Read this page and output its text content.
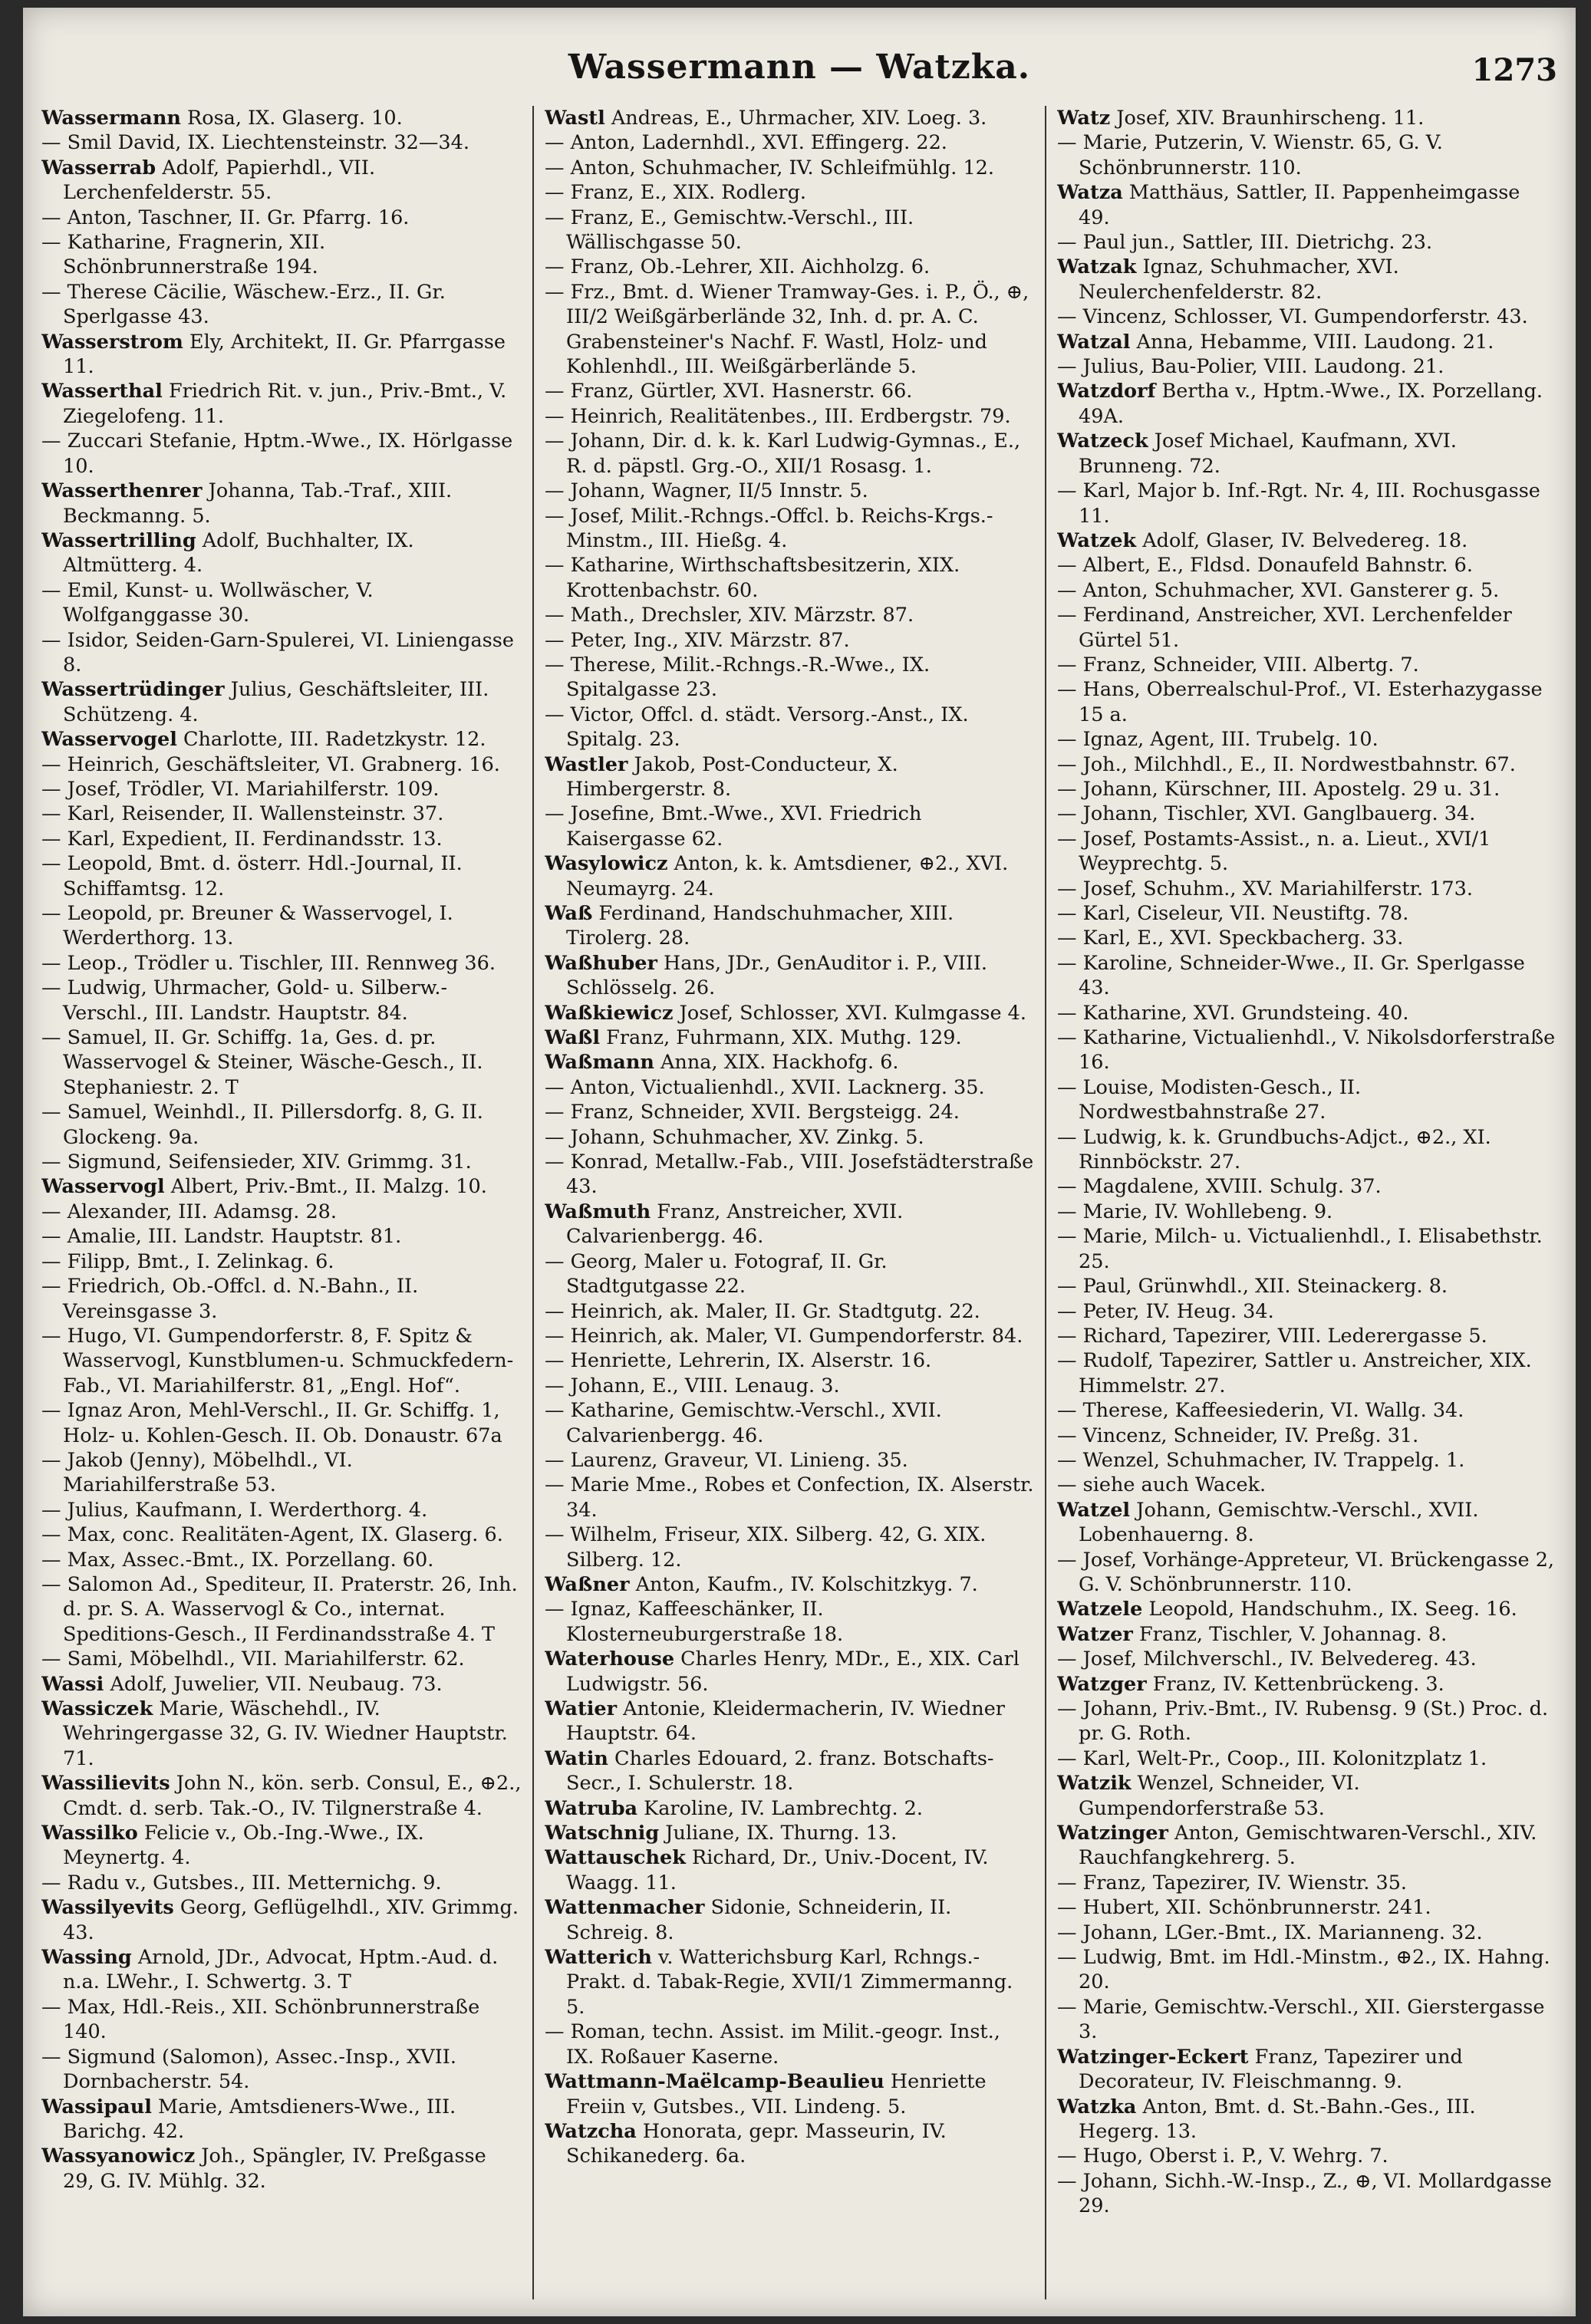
Wassermann — Watzka.	1273

Wassermann Rosa, IX. Glaserg. 10.

— Smil David, IX. Liechtensteinstr. 32—34.

Wasserrab Adolf, Papierhdl., VII. Lerchenfelderstr. 55.

— Anton, Taschner, II. Gr. Pfarrg. 16.

— Katharine, Fragnerin, XII. Schönbrunnerstraße 194.

— Therese Cäcilie, Wäschew.-Erz., II. Gr. Sperlgasse 43.

Wasserstrom Ely, Architekt, II. Gr. Pfarrgasse 11.

Wasserthal Friedrich Rit. v. jun., Priv.-Bmt., V. Ziegelofeng. 11.

— Zuccari Stefanie, Hptm.-Wwe., IX. Hörlgasse 10.

Wasserthenrer Johanna, Tab.-Traf., XIII. Beckmanng. 5.

Wassertrilling Adolf, Buchhalter, IX. Altmütterg. 4.

— Emil, Kunst- u. Wollwäscher, V. Wolfganggasse 30.

— Isidor, Seiden-Garn-Spulerei, VI. Liniengasse 8.

Wassertrüdinger Julius, Geschäftsleiter, III. Schützeng. 4.

Wasservogel Charlotte, III. Radetzkystr. 12.

— Heinrich, Geschäftsleiter, VI. Grabnerg. 16.

— Josef, Trödler, VI. Mariahilferstr. 109.

— Karl, Reisender, II. Wallensteinstr. 37.

— Karl, Expedient, II. Ferdinandsstr. 13.

— Leopold, Bmt. d. österr. Hdl.-Journal, II. Schiffamtsg. 12.

— Leopold, pr. Breuner & Wasservogel, I. Werderthorg. 13.

— Leop., Trödler u. Tischler, III. Rennweg 36.

— Ludwig, Uhrmacher, Gold- u. Silberw.-Verschl., III. Landstr. Hauptstr. 84.

— Samuel, II. Gr. Schiffg. 1a, Ges. d. pr. Wasservogel & Steiner, Wäsche-Gesch., II. Stephaniestr. 2. T

— Samuel, Weinhdl., II. Pillersdorfg. 8, G. II. Glockeng. 9a.

— Sigmund, Seifensieder, XIV. Grimmg. 31.

Wasservogl Albert, Priv.-Bmt., II. Malzg. 10.

— Alexander, III. Adamsg. 28.

— Amalie, III. Landstr. Hauptstr. 81.

— Filipp, Bmt., I. Zelinkag. 6.

— Friedrich, Ob.-Offcl. d. N.-Bahn., II. Vereinsgasse 3.

— Hugo, VI. Gumpendorferstr. 8, F. Spitz & Wasservogl, Kunstblumen-u. Schmuckfedern-Fab., VI. Mariahilferstr. 81, „Engl. Hof“.

— Ignaz Aron, Mehl-Verschl., II. Gr. Schiffg. 1, Holz- u. Kohlen-Gesch. II. Ob. Donaustr. 67a

— Jakob (Jenny), Möbelhdl., VI. Mariahilferstraße 53.

— Julius, Kaufmann, I. Werderthorg. 4.

— Max, conc. Realitäten-Agent, IX. Glaserg. 6.

— Max, Assec.-Bmt., IX. Porzellang. 60.

— Salomon Ad., Spediteur, II. Praterstr. 26, Inh. d. pr. S. A. Wasservogl & Co., internat. Speditions-Gesch., II Ferdinandsstraße 4. T

— Sami, Möbelhdl., VII. Mariahilferstr. 62.

Wassi Adolf, Juwelier, VII. Neubaug. 73.

Wassiczek Marie, Wäschehdl., IV. Wehringergasse 32, G. IV. Wiedner Hauptstr. 71.

Wassilievits John N., kön. serb. Consul, E., ⊕2., Cmdt. d. serb. Tak.-O., IV. Tilgnerstraße 4.

Wassilko Felicie v., Ob.-Ing.-Wwe., IX. Meynertg. 4.

— Radu v., Gutsbes., III. Metternichg. 9.

Wassilyevits Georg, Geflügelhdl., XIV. Grimmg. 43.

Wassing Arnold, JDr., Advocat, Hptm.-Aud. d. n.a. LWehr., I. Schwertg. 3. T

— Max, Hdl.-Reis., XII. Schönbrunnerstraße 140.

— Sigmund (Salomon), Assec.-Insp., XVII. Dornbacherstr. 54.

Wassipaul Marie, Amtsdieners-Wwe., III. Barichg. 42.

Wassyanowicz Joh., Spängler, IV. Preßgasse 29, G. IV. Mühlg. 32.

Wastl Andreas, E., Uhrmacher, XIV. Loeg. 3.

— Anton, Ladernhdl., XVI. Effingerg. 22.

— Anton, Schuhmacher, IV. Schleifmühlg. 12.

— Franz, E., XIX. Rodlerg.

— Franz, E., Gemischtw.-Verschl., III. Wällischgasse 50.

— Franz, Ob.-Lehrer, XII. Aichholzg. 6.

— Frz., Bmt. d. Wiener Tramway-Ges. i. P., Ö., ⊕, III/2 Weißgärberlände 32, Inh. d. pr. A. C. Grabensteiner's Nachf. F. Wastl, Holz- und Kohlenhdl., III. Weißgärberlände 5.

— Franz, Gürtler, XVI. Hasnerstr. 66.

— Heinrich, Realitätenbes., III. Erdbergstr. 79.

— Johann, Dir. d. k. k. Karl Ludwig-Gymnas., E., R. d. päpstl. Grg.-O., XII/1 Rosasg. 1.

— Johann, Wagner, II/5 Innstr. 5.

— Josef, Milit.-Rchngs.-Offcl. b. Reichs-Krgs.-Minstm., III. Hießg. 4.

— Katharine, Wirthschaftsbesitzerin, XIX. Krottenbachstr. 60.

— Math., Drechsler, XIV. Märzstr. 87.

— Peter, Ing., XIV. Märzstr. 87.

— Therese, Milit.-Rchngs.-R.-Wwe., IX. Spitalgasse 23.

— Victor, Offcl. d. städt. Versorg.-Anst., IX. Spitalg. 23.

Wastler Jakob, Post-Conducteur, X. Himbergerstr. 8.

— Josefine, Bmt.-Wwe., XVI. Friedrich Kaisergasse 62.

Wasylowicz Anton, k. k. Amtsdiener, ⊕2., XVI. Neumayrg. 24.

Waß Ferdinand, Handschuhmacher, XIII. Tirolerg. 28.

Waßhuber Hans, JDr., GenAuditor i. P., VIII. Schlösselg. 26.

Waßkiewicz Josef, Schlosser, XVI. Kulmgasse 4.

Waßl Franz, Fuhrmann, XIX. Muthg. 129.

Waßmann Anna, XIX. Hackhofg. 6.

— Anton, Victualienhdl., XVII. Lacknerg. 35.

— Franz, Schneider, XVII. Bergsteigg. 24.

— Johann, Schuhmacher, XV. Zinkg. 5.

— Konrad, Metallw.-Fab., VIII. Josefstädterstraße 43.

Waßmuth Franz, Anstreicher, XVII. Calvarienbergg. 46.

— Georg, Maler u. Fotograf, II. Gr. Stadtgutgasse 22.

— Heinrich, ak. Maler, II. Gr. Stadtgutg. 22.

— Heinrich, ak. Maler, VI. Gumpendorferstr. 84.

— Henriette, Lehrerin, IX. Alserstr. 16.

— Johann, E., VIII. Lenaug. 3.

— Katharine, Gemischtw.-Verschl., XVII. Calvarienbergg. 46.

— Laurenz, Graveur, VI. Linieng. 35.

— Marie Mme., Robes et Confection, IX. Alserstr. 34.

— Wilhelm, Friseur, XIX. Silberg. 42, G. XIX. Silberg. 12.

Waßner Anton, Kaufm., IV. Kolschitzkyg. 7.

— Ignaz, Kaffeeschänker, II. Klosterneuburgerstraße 18.

Waterhouse Charles Henry, MDr., E., XIX. Carl Ludwigstr. 56.

Watier Antonie, Kleidermacherin, IV. Wiedner Hauptstr. 64.

Watin Charles Edouard, 2. franz. Botschafts-Secr., I. Schulerstr. 18.

Watruba Karoline, IV. Lambrechtg. 2.

Watschnig Juliane, IX. Thurng. 13.

Wattauschek Richard, Dr., Univ.-Docent, IV. Waagg. 11.

Wattenmacher Sidonie, Schneiderin, II. Schreig. 8.

Watterich v. Watterichsburg Karl, Rchngs.-Prakt. d. Tabak-Regie, XVII/1 Zimmermanng. 5.

— Roman, techn. Assist. im Milit.-geogr. Inst., IX. Roßauer Kaserne.

Wattmann-Maëlcamp-Beaulieu Henriette Freiin v, Gutsbes., VII. Lindeng. 5.

Watzcha Honorata, gepr. Masseurin, IV. Schikanederg. 6a.

Watz Josef, XIV. Braunhirscheng. 11.

— Marie, Putzerin, V. Wienstr. 65, G. V. Schönbrunnerstr. 110.

Watza Matthäus, Sattler, II. Pappenheimgasse 49.

— Paul jun., Sattler, III. Dietrichg. 23.

Watzak Ignaz, Schuhmacher, XVI. Neulerchenfelderstr. 82.

— Vincenz, Schlosser, VI. Gumpendorferstr. 43.

Watzal Anna, Hebamme, VIII. Laudong. 21.

— Julius, Bau-Polier, VIII. Laudong. 21.

Watzdorf Bertha v., Hptm.-Wwe., IX. Porzellang. 49A.

Watzeck Josef Michael, Kaufmann, XVI. Brunneng. 72.

— Karl, Major b. Inf.-Rgt. Nr. 4, III. Rochusgasse 11.

Watzek Adolf, Glaser, IV. Belvedereg. 18.

— Albert, E., Fldsd. Donaufeld Bahnstr. 6.

— Anton, Schuhmacher, XVI. Gansterer g. 5.

— Ferdinand, Anstreicher, XVI. Lerchenfelder Gürtel 51.

— Franz, Schneider, VIII. Albertg. 7.

— Hans, Oberrealschul-Prof., VI. Esterhazygasse 15 a.

— Ignaz, Agent, III. Trubelg. 10.

— Joh., Milchhdl., E., II. Nordwestbahnstr. 67.

— Johann, Kürschner, III. Apostelg. 29 u. 31.

— Johann, Tischler, XVI. Ganglbauerg. 34.

— Josef, Postamts-Assist., n. a. Lieut., XVI/1 Weyprechtg. 5.

— Josef, Schuhm., XV. Mariahilferstr. 173.

— Karl, Ciseleur, VII. Neustiftg. 78.

— Karl, E., XVI. Speckbacherg. 33.

— Karoline, Schneider-Wwe., II. Gr. Sperlgasse 43.

— Katharine, XVI. Grundsteing. 40.

— Katharine, Victualienhdl., V. Nikolsdorferstraße 16.

— Louise, Modisten-Gesch., II. Nordwestbahnstraße 27.

— Ludwig, k. k. Grundbuchs-Adjct., ⊕2., XI. Rinnböckstr. 27.

— Magdalene, XVIII. Schulg. 37.

— Marie, IV. Wohllebeng. 9.

— Marie, Milch- u. Victualienhdl., I. Elisabethstr. 25.

— Paul, Grünwhdl., XII. Steinackerg. 8.

— Peter, IV. Heug. 34.

— Richard, Tapezirer, VIII. Lederergasse 5.

— Rudolf, Tapezirer, Sattler u. Anstreicher, XIX. Himmelstr. 27.

— Therese, Kaffeesiederin, VI. Wallg. 34.

— Vincenz, Schneider, IV. Preßg. 31.

— Wenzel, Schuhmacher, IV. Trappelg. 1.

— siehe auch Wacek.

Watzel Johann, Gemischtw.-Verschl., XVII. Lobenhauerng. 8.

— Josef, Vorhänge-Appreteur, VI. Brückengasse 2, G. V. Schönbrunnerstr. 110.

Watzele Leopold, Handschuhm., IX. Seeg. 16.

Watzer Franz, Tischler, V. Johannag. 8.

— Josef, Milchverschl., IV. Belvedereg. 43.

Watzger Franz, IV. Kettenbrückeng. 3.

— Johann, Priv.-Bmt., IV. Rubensg. 9 (St.) Proc. d. pr. G. Roth.

— Karl, Welt-Pr., Coop., III. Kolonitzplatz 1.

Watzik Wenzel, Schneider, VI. Gumpendorferstraße 53.

Watzinger Anton, Gemischtwaren-Verschl., XIV. Rauchfangkehrerg. 5.

— Franz, Tapezirer, IV. Wienstr. 35.

— Hubert, XII. Schönbrunnerstr. 241.

— Johann, LGer.-Bmt., IX. Marianneng. 32.

— Ludwig, Bmt. im Hdl.-Minstm., ⊕2., IX. Hahng. 20.

— Marie, Gemischtw.-Verschl., XII. Gierstergasse 3.

Watzinger-Eckert Franz, Tapezirer und Decorateur, IV. Fleischmanng. 9.

Watzka Anton, Bmt. d. St.-Bahn.-Ges., III. Hegerg. 13.

— Hugo, Oberst i. P., V. Wehrg. 7.

— Johann, Sichh.-W.-Insp., Z., ⊕, VI. Mollardgasse 29.
